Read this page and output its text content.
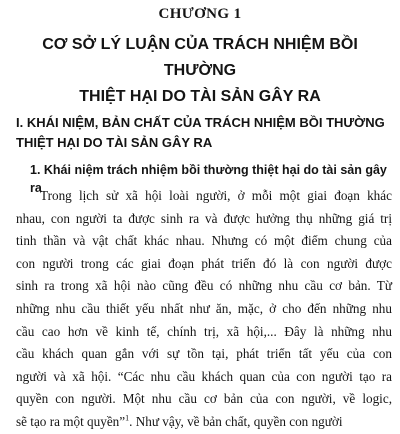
CHƯƠNG 1
CƠ SỞ LÝ LUẬN CỦA TRÁCH NHIỆM BỒI THƯỜNG
THIỆT HẠI DO TÀI SẢN GÂY RA
I. KHÁI NIỆM, BẢN CHẤT CỦA TRÁCH NHIỆM BỒI THƯỜNG
THIỆT HẠI DO TÀI SẢN GÂY RA
1. Khái niệm trách nhiệm bồi thường thiệt hại do tài sản gây ra
Trong lịch sử xã hội loài người, ở mỗi một giai đoạn khác
nhau, con người ta được sinh ra và được hưởng thụ những giá trị
tinh thần và vật chất khác nhau. Nhưng có một điểm chung của
con người trong các giai đoạn phát triển đó là con người được
sinh ra trong xã hội nào cũng đều có những nhu cầu cơ bản. Từ
những nhu cầu thiết yếu nhất như ăn, mặc, ở cho đến những nhu
cầu cao hơn về kinh tế, chính trị, xã hội,... Đây là những nhu
cầu khách quan gắn với sự tồn tại, phát triển tất yếu của con
người và xã hội. “Các nhu cầu khách quan của con người tạo ra
quyền con người. Một nhu cầu cơ bản của con người, về logic,
sẽ tạo ra một quyền”$^1$. Như vậy, về bản chất, quyền con người
